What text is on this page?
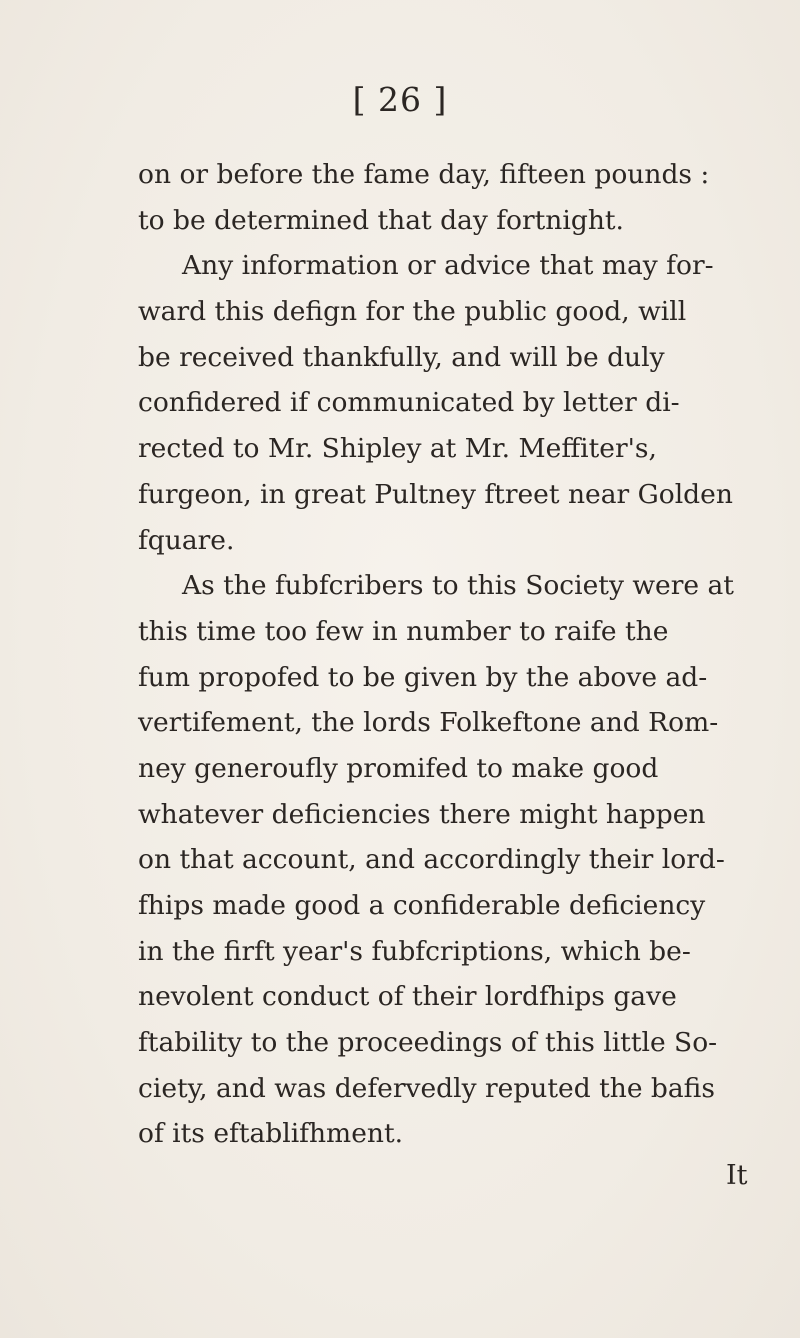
[ 26 ]
on or before the fame day, fifteen pounds :
to be determined that day fortnight.
Any information or advice that may for-
ward this defign for the public good, will
be received thankfully, and will be duly
confidered if communicated by letter di-
rected to Mr. Shipley at Mr. Meffiter's,
furgeon, in great Pultney ftreet near Golden
fquare.
As the fubfcribers to this Society were at
this time too few in number to raife the
fum propofed to be given by the above ad-
vertifement, the lords Folkeftone and Rom-
ney generoufly promifed to make good
whatever deficiencies there might happen
on that account, and accordingly their lord-
fhips made good a confiderable deficiency
in the firft year's fubfcriptions, which be-
nevolent conduct of their lordfhips gave
ftability to the proceedings of this little So-
ciety, and was defervedly reputed the bafis
of its eftablifhment.
It
